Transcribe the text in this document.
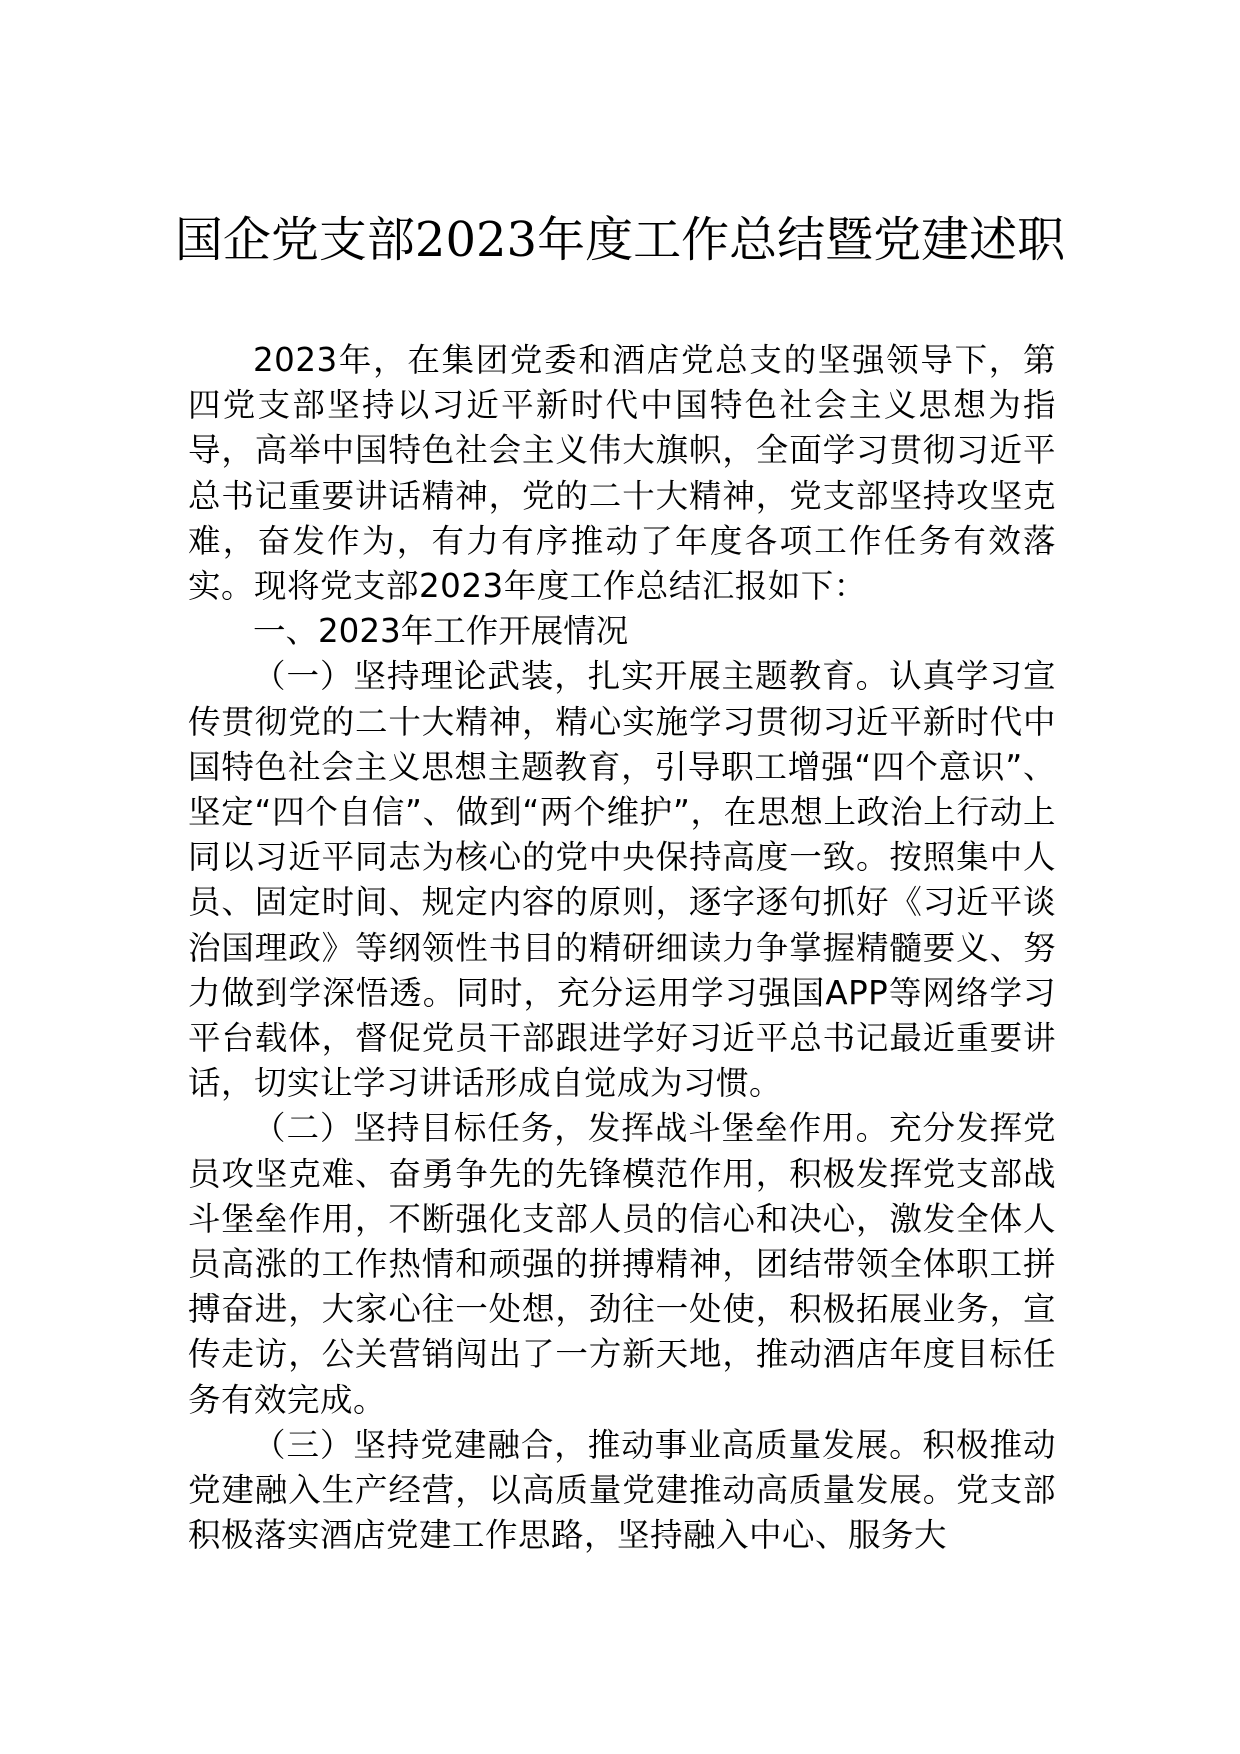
国企党支部2023年度工作总结暨党建述职

2023年，在集团党委和酒店党总支的坚强领导下，第四党支部坚持以习近平新时代中国特色社会主义思想为指导，高举中国特色社会主义伟大旗帜，全面学习贯彻习近平总书记重要讲话精神，党的二十大精神，党支部坚持攻坚克难，奋发作为，有力有序推动了年度各项工作任务有效落实。现将党支部2023年度工作总结汇报如下：

一、2023年工作开展情况

（一）坚持理论武装，扎实开展主题教育。认真学习宣传贯彻党的二十大精神，精心实施学习贯彻习近平新时代中国特色社会主义思想主题教育，引导职工增强“四个意识”、坚定“四个自信”、做到“两个维护”，在思想上政治上行动上同以习近平同志为核心的党中央保持高度一致。按照集中人员、固定时间、规定内容的原则，逐字逐句抓好《习近平谈治国理政》等纲领性书目的精研细读力争掌握精髓要义、努力做到学深悟透。同时，充分运用学习强国APP等网络学习平台载体，督促党员干部跟进学好习近平总书记最近重要讲话，切实让学习讲话形成自觉成为习惯。

（二）坚持目标任务，发挥战斗堡垒作用。充分发挥党员攻坚克难、奋勇争先的先锋模范作用，积极发挥党支部战斗堡垒作用，不断强化支部人员的信心和决心，激发全体人员高涨的工作热情和顽强的拼搏精神，团结带领全体职工拼搏奋进，大家心往一处想，劲往一处使，积极拓展业务，宣传走访，公关营销闯出了一方新天地，推动酒店年度目标任务有效完成。

（三）坚持党建融合，推动事业高质量发展。积极推动党建融入生产经营，以高质量党建推动高质量发展。党支部积极落实酒店党建工作思路，坚持融入中心、服务大
